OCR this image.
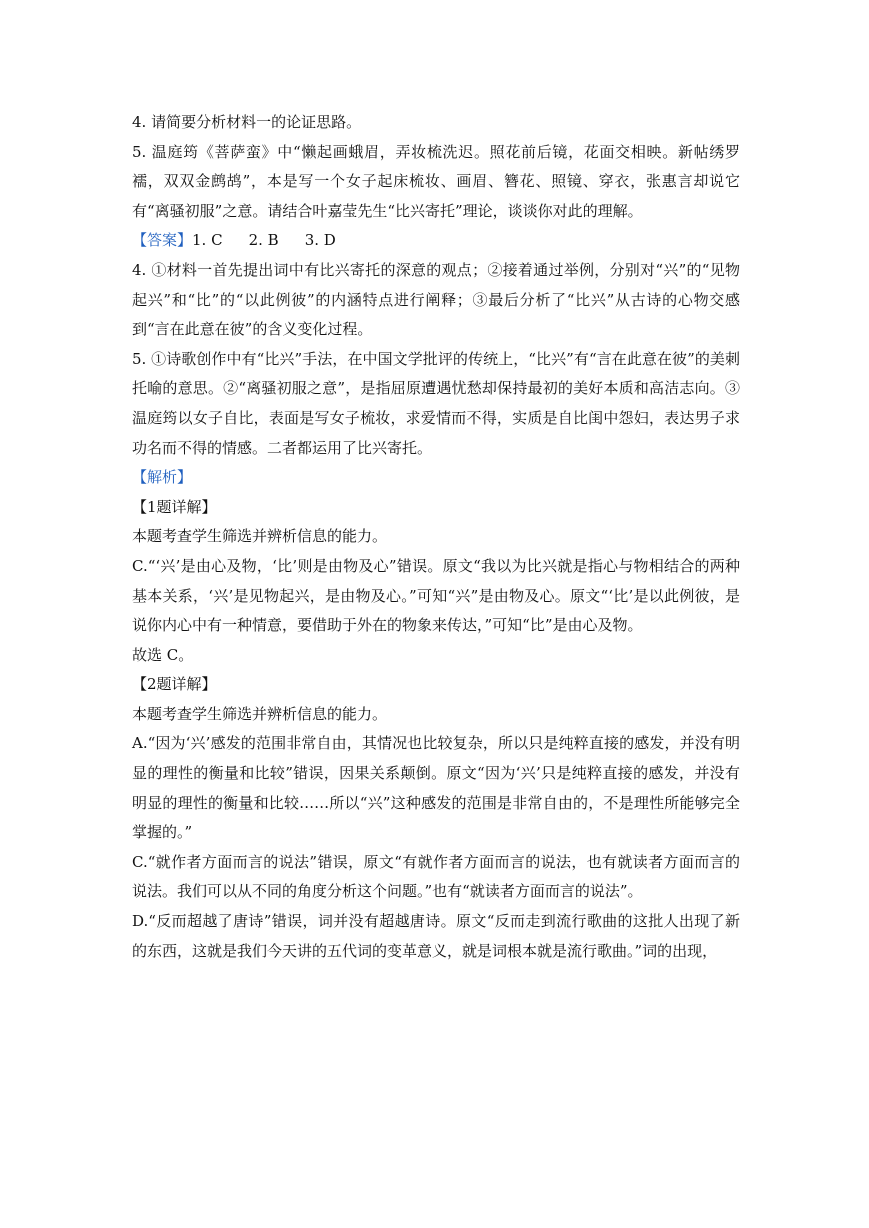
4. 请简要分析材料一的论证思路。

5. 温庭筠《菩萨蛮》中“懒起画蛾眉，弄妆梳洗迟。照花前后镜，花面交相映。新帖绣罗襦，双双金鹧鸪”，本是写一个女子起床梳妆、画眉、簪花、照镜、穿衣，张惠言却说它有“离骚初服”之意。请结合叶嘉莹先生“比兴寄托”理论，谈谈你对此的理解。

【答案】1. C 2. B 3. D

4. ①材料一首先提出词中有比兴寄托的深意的观点；②接着通过举例，分别对“兴”的“见物起兴”和“比”的“以此例彼”的内涵特点进行阐释；③最后分析了“比兴”从古诗的心物交感到“言在此意在彼”的含义变化过程。

5. ①诗歌创作中有“比兴”手法，在中国文学批评的传统上，“比兴”有“言在此意在彼”的美刺托喻的意思。②“离骚初服之意”，是指屈原遭遇忧愁却保持最初的美好本质和高洁志向。③温庭筠以女子自比，表面是写女子梳妆，求爱情而不得，实质是自比闺中怨妇，表达男子求功名而不得的情感。二者都运用了比兴寄托。

【解析】

【1题详解】

本题考查学生筛选并辨析信息的能力。

C.“‘兴’是由心及物，‘比’则是由物及心”错误。原文“我以为比兴就是指心与物相结合的两种基本关系，‘兴’是见物起兴，是由物及心。”可知“兴”是由物及心。原文“‘比’是以此例彼，是说你内心中有一种情意，要借助于外在的物象来传达，”可知“比”是由心及物。

故选 C。

【2题详解】

本题考查学生筛选并辨析信息的能力。

A.“因为‘兴’感发的范围非常自由，其情况也比较复杂，所以只是纯粹直接的感发，并没有明显的理性的衡量和比较”错误，因果关系颠倒。原文“因为‘兴’只是纯粹直接的感发，并没有明显的理性的衡量和比较……所以“兴”这种感发的范围是非常自由的，不是理性所能够完全掌握的。”

C.“就作者方面而言的说法”错误，原文“有就作者方面而言的说法，也有就读者方面而言的说法。我们可以从不同的角度分析这个问题。”也有“就读者方面而言的说法”。

D.“反而超越了唐诗”错误，词并没有超越唐诗。原文“反而走到流行歌曲的这批人出现了新的东西，这就是我们今天讲的五代词的变革意义，就是词根本就是流行歌曲。”词的出现，
